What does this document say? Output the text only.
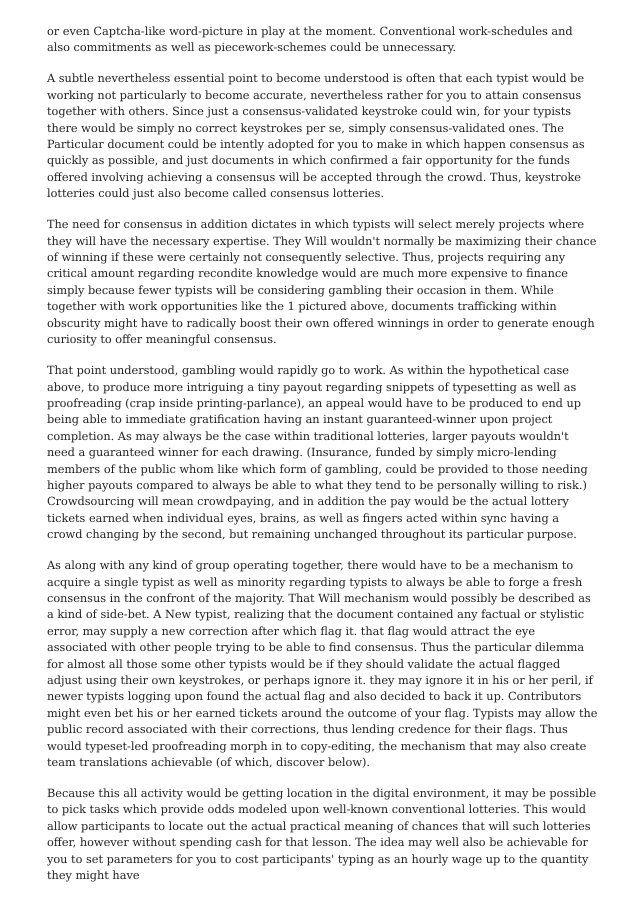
or even Captcha-like word-picture in play at the moment. Conventional work-schedules and also commitments as well as piecework-schemes could be unnecessary.

A subtle nevertheless essential point to become understood is often that each typist would be working not particularly to become accurate, nevertheless rather for you to attain consensus together with others. Since just a consensus-validated keystroke could win, for your typists there would be simply no correct keystrokes per se, simply consensus-validated ones. The Particular document could be intently adopted for you to make in which happen consensus as quickly as possible, and just documents in which confirmed a fair opportunity for the funds offered involving achieving a consensus will be accepted through the crowd. Thus, keystroke lotteries could just also become called consensus lotteries.

The need for consensus in addition dictates in which typists will select merely projects where they will have the necessary expertise. They Will wouldn't normally be maximizing their chance of winning if these were certainly not consequently selective. Thus, projects requiring any critical amount regarding recondite knowledge would are much more expensive to finance simply because fewer typists will be considering gambling their occasion in them. While together with work opportunities like the 1 pictured above, documents trafficking within obscurity might have to radically boost their own offered winnings in order to generate enough curiosity to offer meaningful consensus.

That point understood, gambling would rapidly go to work. As within the hypothetical case above, to produce more intriguing a tiny payout regarding snippets of typesetting as well as proofreading (crap inside printing-parlance), an appeal would have to be produced to end up being able to immediate gratification having an instant guaranteed-winner upon project completion. As may always be the case within traditional lotteries, larger payouts wouldn't need a guaranteed winner for each drawing. (Insurance, funded by simply micro-lending members of the public whom like which form of gambling, could be provided to those needing higher payouts compared to always be able to what they tend to be personally willing to risk.) Crowdsourcing will mean crowdpaying, and in addition the pay would be the actual lottery tickets earned when individual eyes, brains, as well as fingers acted within sync having a crowd changing by the second, but remaining unchanged throughout its particular purpose.

As along with any kind of group operating together, there would have to be a mechanism to acquire a single typist as well as minority regarding typists to always be able to forge a fresh consensus in the confront of the majority. That Will mechanism would possibly be described as a kind of side-bet. A New typist, realizing that the document contained any factual or stylistic error, may supply a new correction after which flag it. that flag would attract the eye associated with other people trying to be able to find consensus. Thus the particular dilemma for almost all those some other typists would be if they should validate the actual flagged adjust using their own keystrokes, or perhaps ignore it. they may ignore it in his or her peril, if newer typists logging upon found the actual flag and also decided to back it up. Contributors might even bet his or her earned tickets around the outcome of your flag. Typists may allow the public record associated with their corrections, thus lending credence for their flags. Thus would typeset-led proofreading morph in to copy-editing, the mechanism that may also create team translations achievable (of which, discover below).

Because this all activity would be getting location in the digital environment, it may be possible to pick tasks which provide odds modeled upon well-known conventional lotteries. This would allow participants to locate out the actual practical meaning of chances that will such lotteries offer, however without spending cash for that lesson. The idea may well also be achievable for you to set parameters for you to cost participants' typing as an hourly wage up to the quantity they might have
